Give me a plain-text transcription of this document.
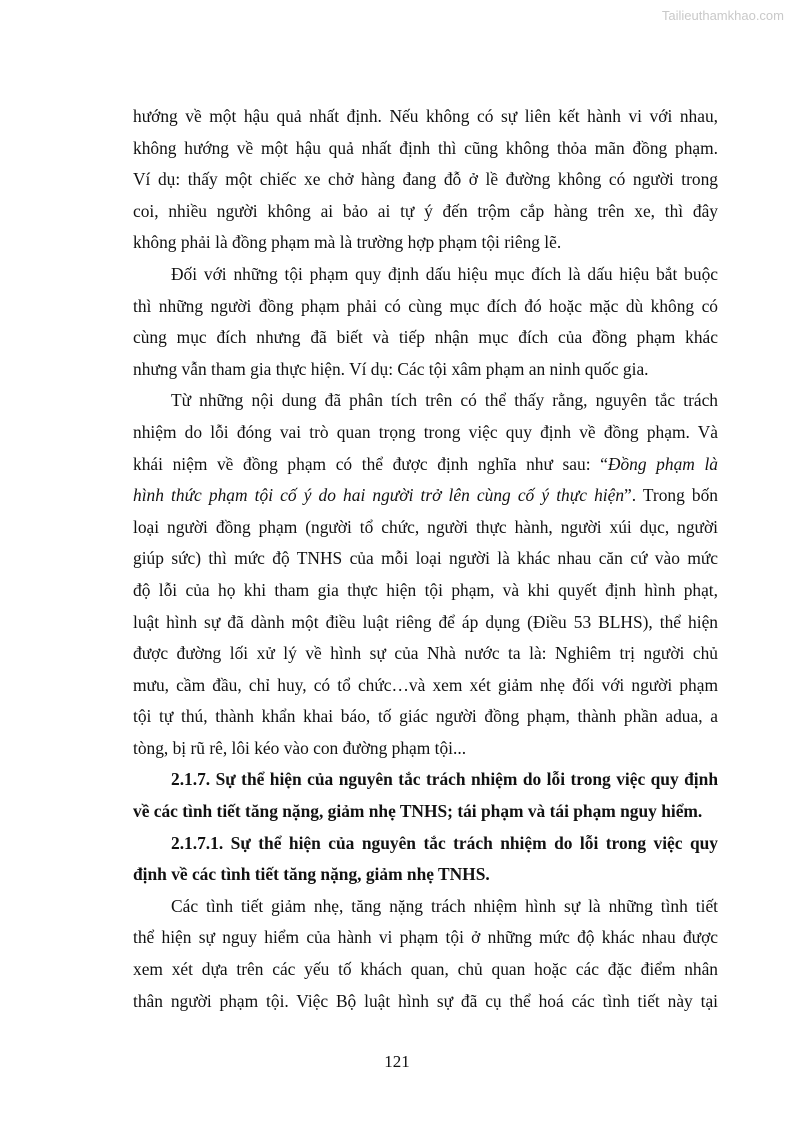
Tailieuthamkhao.com
hướng về một hậu quả nhất định. Nếu không có sự liên kết hành vi với nhau,
không hướng về một hậu quả nhất định thì cũng không thỏa mãn đồng phạm.
Ví dụ: thấy một chiếc xe chở hàng đang đỗ ở lề đường không có người trong
coi, nhiều người không ai bảo ai tự ý đến trộm cắp hàng trên xe, thì đây
không phải là đồng phạm mà là trường hợp phạm tội riêng lẽ.
Đối với những tội phạm quy định dấu hiệu mục đích là dấu hiệu bắt buộc
thì những người đồng phạm phải có cùng mục đích đó hoặc mặc dù không có
cùng mục đích nhưng đã biết và tiếp nhận mục đích của đồng phạm khác
nhưng vẫn tham gia thực hiện. Ví dụ: Các tội xâm phạm an ninh quốc gia.
Từ những nội dung đã phân tích trên có thể thấy rằng, nguyên tắc trách
nhiệm do lỗi đóng vai trò quan trọng trong việc quy định về đồng phạm. Và
khái niệm về đồng phạm có thể được định nghĩa như sau: “Đồng phạm là
hình thức phạm tội cố ý do hai người trở lên cùng cố ý thực hiện”. Trong bốn
loại người đồng phạm (người tổ chức, người thực hành, người xúi dục, người
giúp sức) thì mức độ TNHS của mỗi loại người là khác nhau căn cứ vào mức
độ lỗi của họ khi tham gia thực hiện tội phạm, và khi quyết định hình phạt,
luật hình sự đã dành một điều luật riêng để áp dụng (Điều 53 BLHS), thể hiện
được đường lối xử lý về hình sự của Nhà nước ta là: Nghiêm trị người chủ
mưu, cầm đầu, chỉ huy, có tổ chức…và xem xét giảm nhẹ đối với người phạm
tội tự thú, thành khẩn khai báo, tố giác người đồng phạm, thành phần adua, a
tòng, bị rũ rê, lôi kéo vào con đường phạm tội...
2.1.7. Sự thể hiện của nguyên tắc trách nhiệm do lỗi trong việc quy định
về các tình tiết tăng nặng, giảm nhẹ TNHS; tái phạm và tái phạm nguy hiểm.
2.1.7.1. Sự thể hiện của nguyên tắc trách nhiệm do lỗi trong việc quy
định về các tình tiết tăng nặng, giảm nhẹ TNHS.
Các tình tiết giảm nhẹ, tăng nặng trách nhiệm hình sự là những tình tiết
thể hiện sự nguy hiểm của hành vi phạm tội ở những mức độ khác nhau được
xem xét dựa trên các yếu tố khách quan, chủ quan hoặc các đặc điểm nhân
thân người phạm tội. Việc Bộ luật hình sự đã cụ thể hoá các tình tiết này tại
121
